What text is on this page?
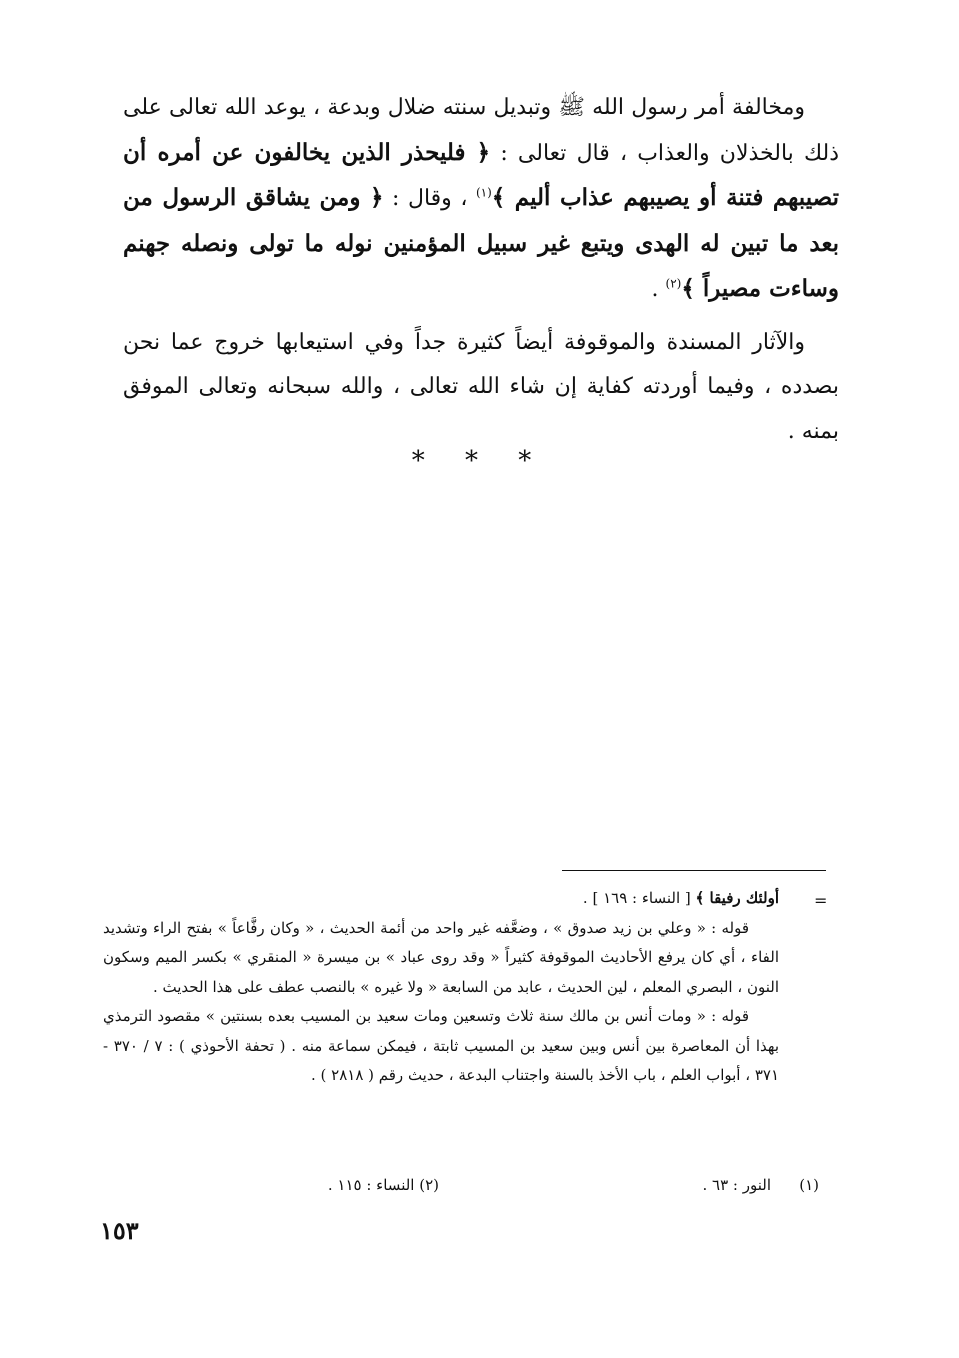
ومخالفة أمر رسول الله ﷺ وتبديل سنته ضلال وبدعة ، يوعد الله تعالى على ذلك بالخذلان والعذاب ، قال تعالى : ﴿ فليحذر الذين يخالفون عن أمره أن تصيبهم فتنة أو يصيبهم عذاب أليم ﴾$^{(١)}$ ، وقال : ﴿ ومن يشاقق الرسول من بعد ما تبين له الهدى ويتبع غير سبيل المؤمنين نوله ما تولى ونصله جهنم وساءت مصيراً ﴾$^{(٢)}$ .

والآثار المسندة والموقوفة أيضاً كثيرة جداً وفي استيعابها خروج عما نحن بصدده ، وفيما أوردته كفاية إن شاء الله تعالى ، والله سبحانه وتعالى الموفق بمنه .

* * *
=

أولئك رفيقا ﴾ [ النساء : ١٦٩ ] .

قوله : « وعلي بن زيد صدوق » ، وضعَّفه غير واحد من أئمة الحديث ، « وكان رفَّاعاً » بفتح الراء وتشديد الفاء ، أي كان يرفع الأحاديث الموقوفة كثيراً « وقد روى عباد » بن ميسرة « المنقري » بكسر الميم وسكون النون ، البصري المعلم ، لين الحديث ، عابد من السابعة « ولا غيره » بالنصب عطف على هذا الحديث .

قوله : « ومات أنس بن مالك سنة ثلاث وتسعين ومات سعيد بن المسيب بعده بسنتين » مقصود الترمذي بهذا أن المعاصرة بين أنس وبين سعيد بن المسيب ثابتة ، فيمكن سماعة منه . ( تحفة الأحوذي ) : ٧ / ٣٧٠ - ٣٧١ ، أبواب العلم ، باب الأخذ بالسنة واجتناب البدعة ، حديث رقم ( ٢٨١٨ ) .

(١)
النور : ٦٣ .
(٢) النساء : ١١٥ .
١٥٣
